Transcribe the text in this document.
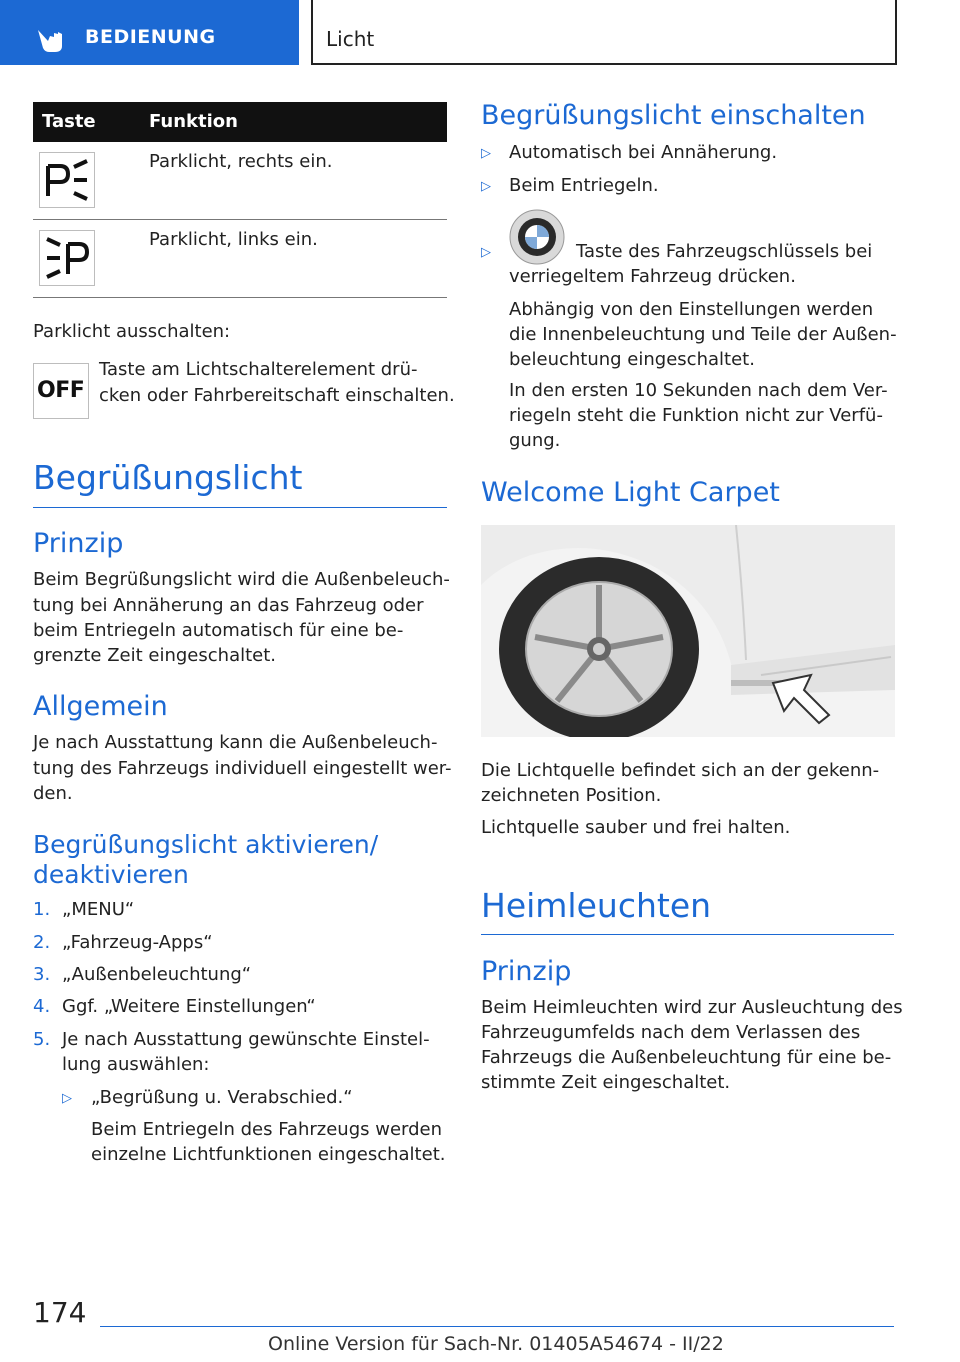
BEDIENUNG	Licht
Taste	Funktion
Parklicht, rechts ein.
Parklicht, links ein.
Parklicht ausschalten:
OFF
Taste am Lichtschalterelement drü-
cken oder Fahrbereitschaft einschalten.
Begrüßungslicht
Prinzip
Beim Begrüßungslicht wird die Außenbeleuch-
tung bei Annäherung an das Fahrzeug oder
beim Entriegeln automatisch für eine be-
grenzte Zeit eingeschaltet.
Allgemein
Je nach Ausstattung kann die Außenbeleuch-
tung des Fahrzeugs individuell eingestellt wer-
den.
Begrüßungslicht aktivieren/
deaktivieren
1. „MENU“
2. „Fahrzeug-Apps“
3. „Außenbeleuchtung“
4. Ggf. „Weitere Einstellungen“
5. Je nach Ausstattung gewünschte Einstel-
lung auswählen:
▷ „Begrüßung u. Verabschied.“
Beim Entriegeln des Fahrzeugs werden
einzelne Lichtfunktionen eingeschaltet.
Begrüßungslicht einschalten
▷ Automatisch bei Annäherung.
▷ Beim Entriegeln.
▷	Taste des Fahrzeugschlüssels bei
verriegeltem Fahrzeug drücken.
Abhängig von den Einstellungen werden
die Innenbeleuchtung und Teile der Außen-
beleuchtung eingeschaltet.
In den ersten 10 Sekunden nach dem Ver-
riegeln steht die Funktion nicht zur Verfü-
gung.
Welcome Light Carpet
Die Lichtquelle befindet sich an der gekenn-
zeichneten Position.
Lichtquelle sauber und frei halten.
Heimleuchten
Prinzip
Beim Heimleuchten wird zur Ausleuchtung des
Fahrzeugumfelds nach dem Verlassen des
Fahrzeugs die Außenbeleuchtung für eine be-
stimmte Zeit eingeschaltet.
174
Online Version für Sach-Nr. 01405A54674 - II/22
